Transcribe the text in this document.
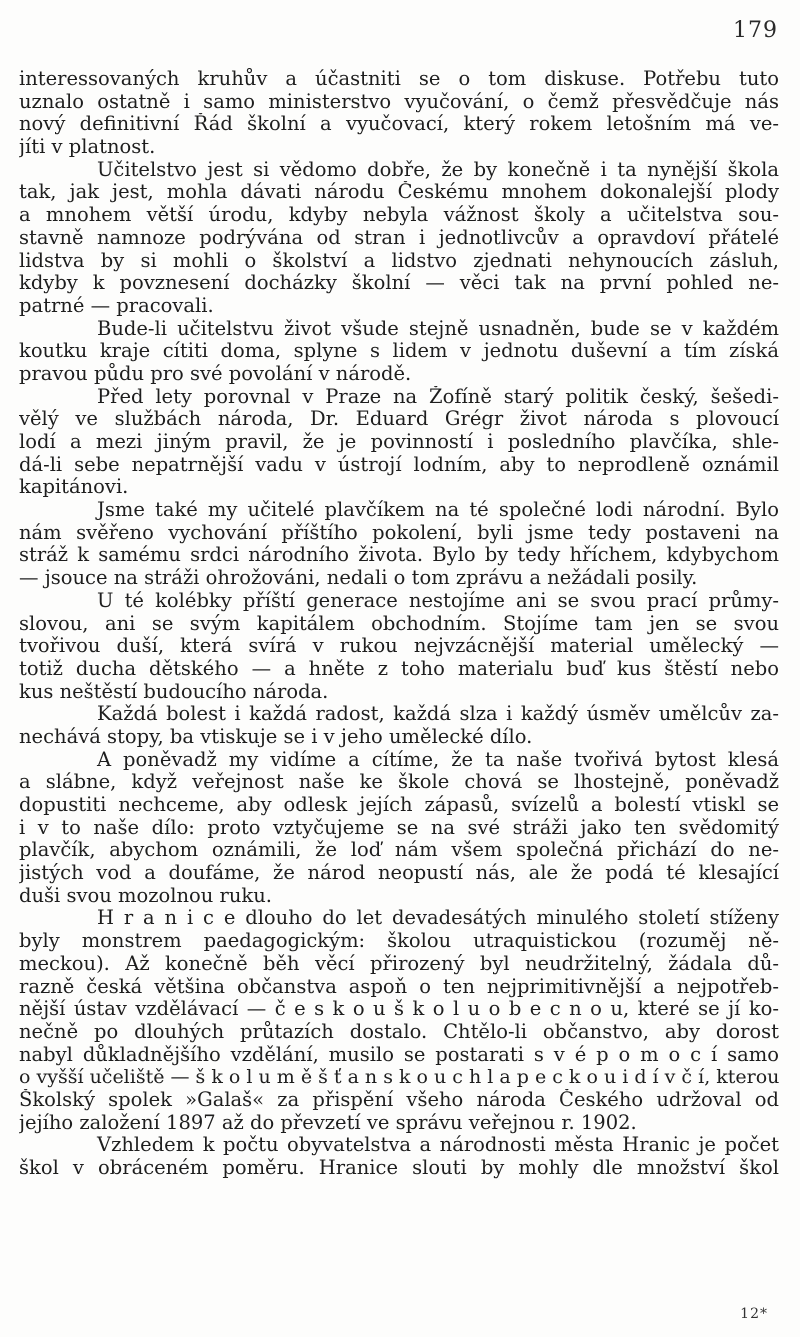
179
interessovaných kruhův a účastniti se o tom diskuse. Potřebu tuto
uznalo ostatně i samo ministerstvo vyučování, o čemž přesvědčuje nás
nový definitivní Řád školní a vyučovací, který rokem letošním má ve-
jíti v platnost.
Učitelstvo jest si vědomo dobře, že by konečně i ta nynější škola
tak, jak jest, mohla dávati národu Českému mnohem dokonalejší plody
a mnohem větší úrodu, kdyby nebyla vážnost školy a učitelstva sou-
stavně namnoze podrývána od stran i jednotlivcův a opravdoví přátelé
lidstva by si mohli o školství a lidstvo zjednati nehynoucích zásluh,
kdyby k povznesení docházky školní — věci tak na první pohled ne-
patrné — pracovali.
Bude-li učitelstvu život všude stejně usnadněn, bude se v každém
koutku kraje cítiti doma, splyne s lidem v jednotu duševní a tím získá
pravou půdu pro své povolání v národě.
Před lety porovnal v Praze na Žofíně starý politik český, šešedi-
vělý ve službách národa, Dr. Eduard Grégr život národa s plovoucí
lodí a mezi jiným pravil, že je povinností i posledního plavčíka, shle-
dá-li sebe nepatrnější vadu v ústrojí lodním, aby to neprodleně oznámil
kapitánovi.
Jsme také my učitelé plavčíkem na té společné lodi národní. Bylo
nám svěřeno vychování příštího pokolení, byli jsme tedy postaveni na
stráž k samému srdci národního života. Bylo by tedy hříchem, kdybychom
— jsouce na stráži ohrožováni, nedali o tom zprávu a nežádali posily.
U té kolébky příští generace nestojíme ani se svou prací průmy-
slovou, ani se svým kapitálem obchodním. Stojíme tam jen se svou
tvořivou duší, která svírá v rukou nejvzácnější material umělecký —
totiž ducha dětského — a hněte z toho materialu buď kus štěstí nebo
kus neštěstí budoucího národa.
Každá bolest i každá radost, každá slza i každý úsměv umělcův za-
nechává stopy, ba vtiskuje se i v jeho umělecké dílo.
A poněvadž my vidíme a cítíme, že ta naše tvořivá bytost klesá
a slábne, když veřejnost naše ke škole chová se lhostejně, poněvadž
dopustiti nechceme, aby odlesk jejích zápasů, svízelů a bolestí vtiskl se
i v to naše dílo: proto vztyčujeme se na své stráži jako ten svědomitý
plavčík, abychom oznámili, že loď nám všem společná přichází do ne-
jistých vod a doufáme, že národ neopustí nás, ale že podá té klesající
duši svou mozolnou ruku.
H r a n i c e dlouho do let devadesátých minulého století stíženy
byly monstrem paedagogickým: školou utraquistickou (rozuměj ně-
meckou). Až konečně běh věcí přirozený byl neudržitelný, žádala dů-
razně česká většina občanstva aspoň o ten nejprimitivnější a nejpotřeb-
nější ústav vzdělávací — č e s k o u š k o l u o b e c n o u, které se jí ko-
nečně po dlouhých průtazích dostalo. Chtělo-li občanstvo, aby dorost
nabyl důkladnějšího vzdělání, musilo se postarati s v é p o m o c í samo
o vyšší učeliště — š k o l u m ě š ť a n s k o u c h l a p e c k o u i d í v č í, kterou
Školský spolek »Galaš« za přispění všeho národa Českého udržoval od
jejího založení 1897 až do převzetí ve správu veřejnou r. 1902.
Vzhledem k počtu obyvatelstva a národnosti města Hranic je počet
škol v obráceném poměru. Hranice slouti by mohly dle množství škol
12*
